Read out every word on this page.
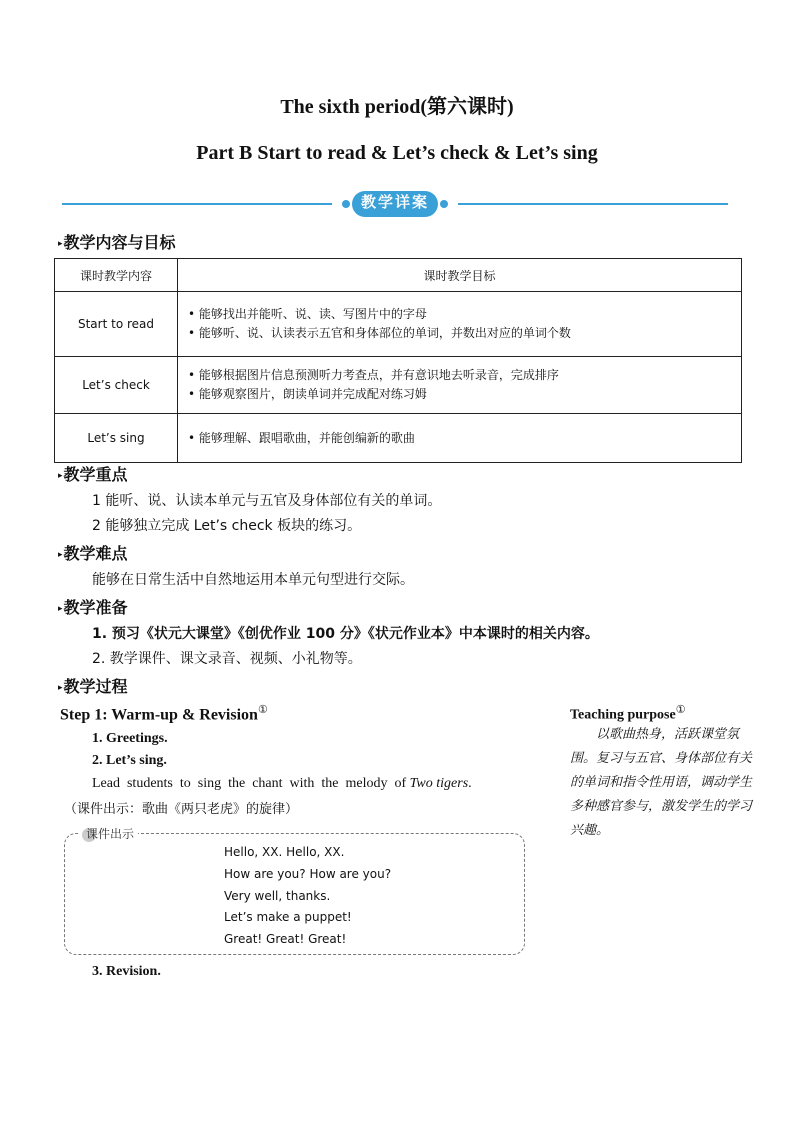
The sixth period(第六课时)
Part B Start to read & Let’s check & Let’s sing
教学详案
▸教学内容与目标
课时教学内容	课时教学目标
Start to read	• 能够找出并能听、说、读、写图片中的字母
• 能够听、说、认读表示五官和身体部位的单词，并数出对应的单词个数

Let’s check	• 能够根据图片信息预测听力考查点，并有意识地去听录音，完成排序
• 能够观察图片，朗读单词并完成配对练习姆

Let’s sing	• 能够理解、跟唱歌曲，并能创编新的歌曲
▸教学重点
1 能听、说、认读本单元与五官及身体部位有关的单词。
2 能够独立完成 Let’s check 板块的练习。
▸教学难点
能够在日常生活中自然地运用本单元句型进行交际。
▸教学准备
1. 预习《状元大课堂》《创优作业 100 分》《状元作业本》中本课时的相关内容。
2. 教学课件、课文录音、视频、小礼物等。
▸教学过程
Step 1: Warm-up & Revision①
1. Greetings.
2. Let’s sing.
Lead  students  to  sing  the  chant  with  the  melody  of Two tigers.
（课件出示：歌曲《两只老虎》的旋律）
课件出示
Hello, XX. Hello, XX.
How are you? How are you?
Very well, thanks.
Let’s make a puppet!
Great! Great! Great!
3. Revision.
Teaching purpose①
以歌曲热身，活跃课堂氛围。复习与五官、身体部位有关的单词和指令性用语，调动学生多种感官参与，激发学生的学习兴趣。
